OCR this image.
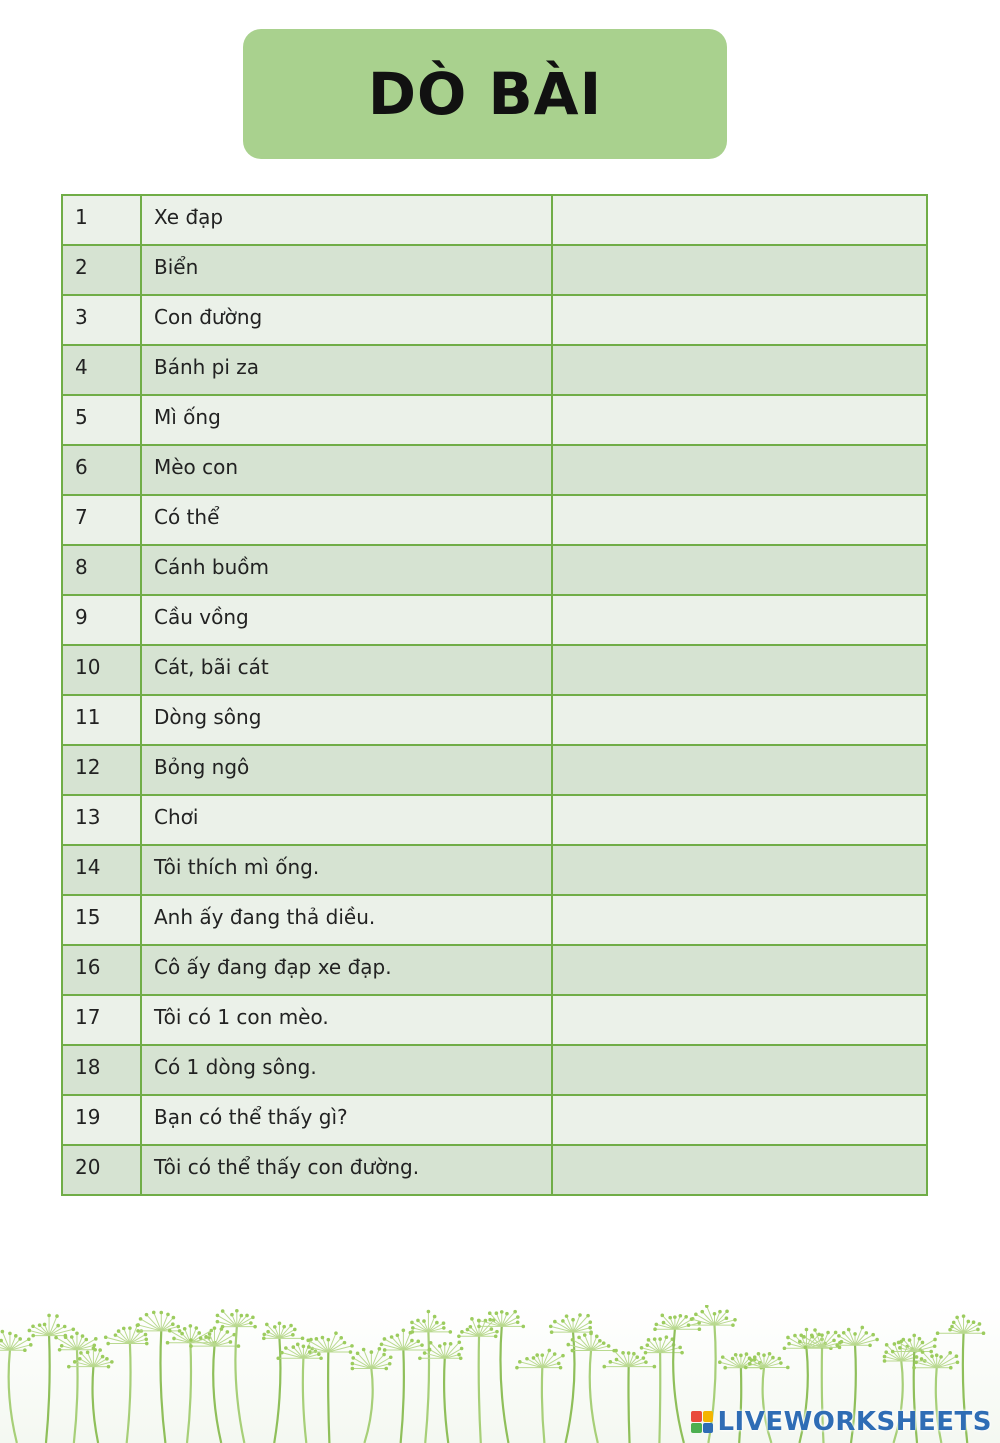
DÒ BÀI
1	Xe đạp	
2	Biển	
3	Con đường	
4	Bánh pi za	
5	Mì ống	
6	Mèo con	
7	Có thể	
8	Cánh buồm	
9	Cầu vồng	
10	Cát, bãi cát	
11	Dòng sông	
12	Bỏng ngô	
13	Chơi	
14	Tôi thích mì ống.	
15	Anh ấy đang thả diều.	
16	Cô ấy đang đạp xe đạp.	
17	Tôi có 1 con mèo.	
18	Có 1 dòng sông.	
19	Bạn có thể thấy gì?	
20	Tôi có thể thấy con đường.	
LIVEWORKSHEETS
